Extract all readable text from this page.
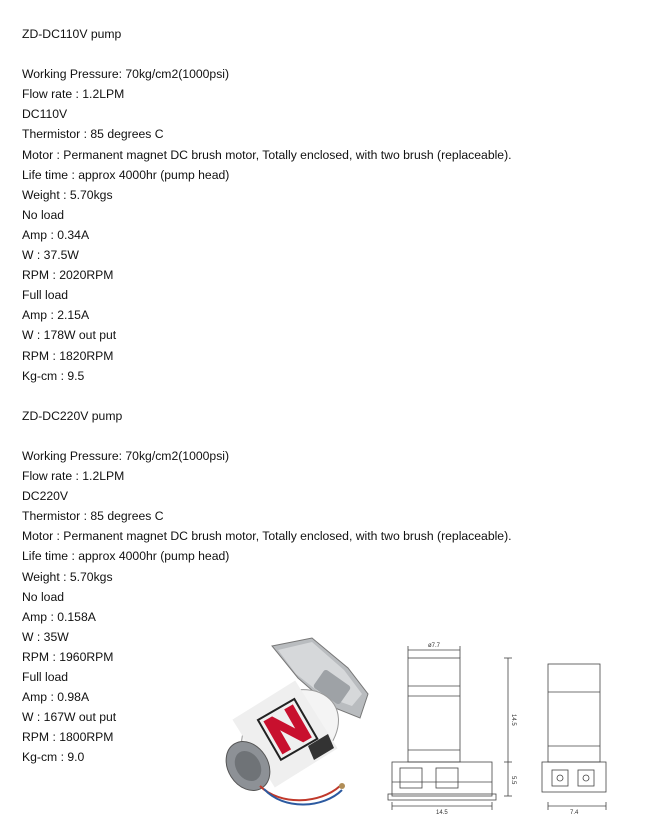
ZD-DC110V pump
Working Pressure: 70kg/cm2(1000psi)
Flow rate : 1.2LPM
DC110V
Thermistor : 85 degrees C
Motor : Permanent magnet DC brush motor, Totally enclosed, with two brush (replaceable).
Life time : approx 4000hr (pump head)
Weight : 5.70kgs
No load
Amp : 0.34A
W : 37.5W
RPM : 2020RPM
Full load
Amp : 2.15A
W : 178W out put
RPM : 1820RPM
Kg-cm : 9.5
ZD-DC220V pump
Working Pressure: 70kg/cm2(1000psi)
Flow rate : 1.2LPM
DC220V
Thermistor : 85 degrees C
Motor : Permanent magnet DC brush motor, Totally enclosed, with two brush (replaceable).
Life time : approx 4000hr (pump head)
Weight : 5.70kgs
No load
Amp : 0.158A
W : 35W
RPM : 1960RPM
Full load
Amp : 0.98A
W : 167W out put
RPM : 1800RPM
Kg-cm : 9.0
ø7.7
14.5
5.5
14.5	7.4
